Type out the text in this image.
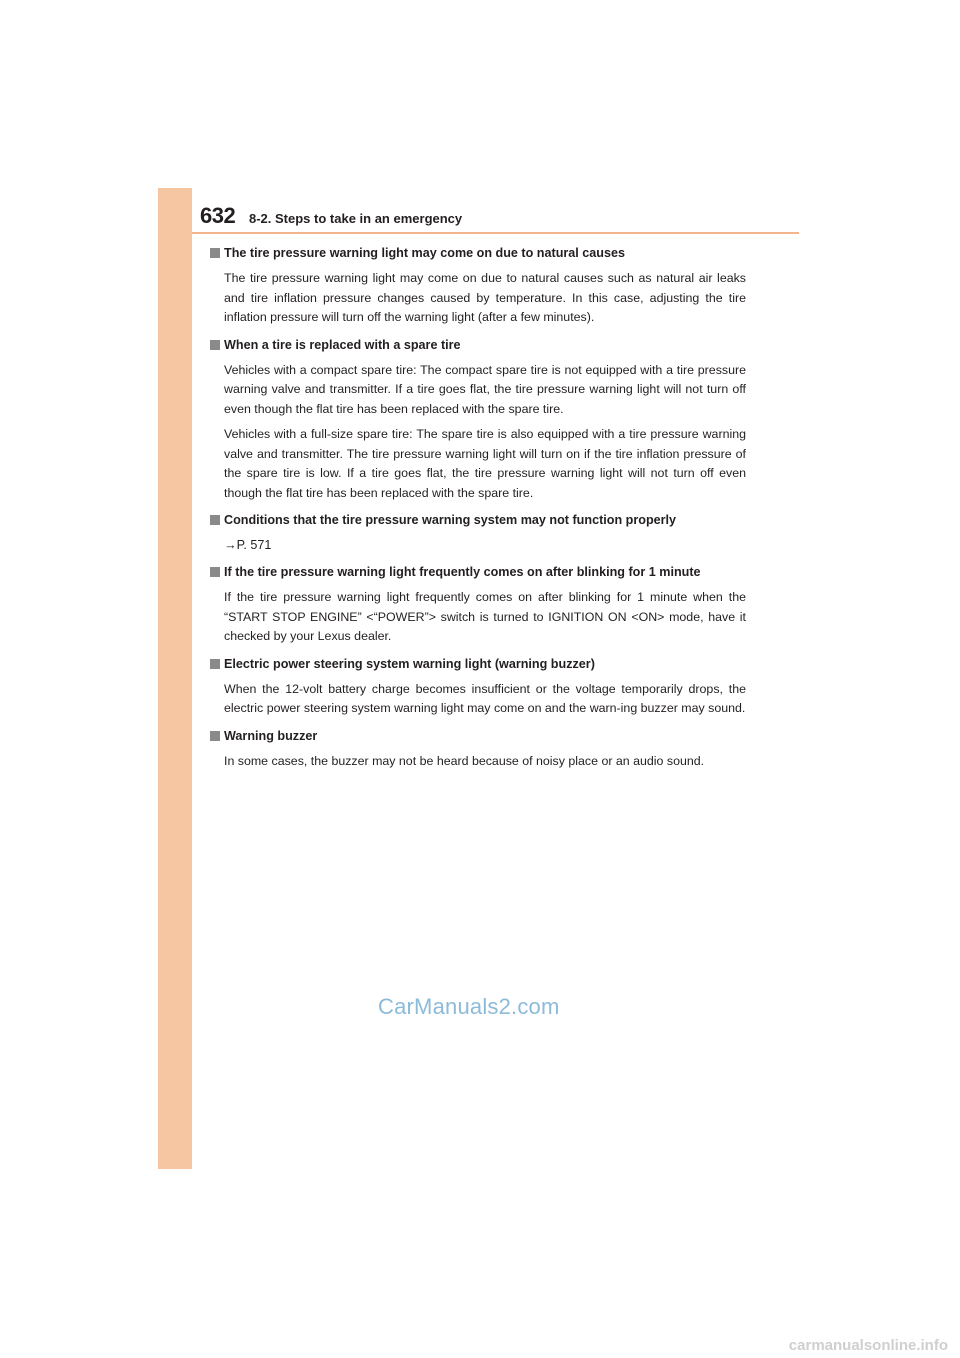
632 8-2. Steps to take in an emergency
The tire pressure warning light may come on due to natural causes

The tire pressure warning light may come on due to natural causes such as natural air leaks and tire inflation pressure changes caused by temperature. In this case, adjusting the tire inflation pressure will turn off the warning light (after a few minutes).

When a tire is replaced with a spare tire

Vehicles with a compact spare tire: The compact spare tire is not equipped with a tire pressure warning valve and transmitter. If a tire goes flat, the tire pressure warning light will not turn off even though the flat tire has been replaced with the spare tire.

Vehicles with a full-size spare tire: The spare tire is also equipped with a tire pressure warning valve and transmitter. The tire pressure warning light will turn on if the tire inflation pressure of the spare tire is low. If a tire goes flat, the tire pressure warning light will not turn off even though the flat tire has been replaced with the spare tire.

Conditions that the tire pressure warning system may not function properly
→P. 571
If the tire pressure warning light frequently comes on after blinking for 1 minute

If the tire pressure warning light frequently comes on after blinking for 1 minute when the “START STOP ENGINE” <“POWER”> switch is turned to IGNITION ON <ON> mode, have it checked by your Lexus dealer.

Electric power steering system warning light (warning buzzer)

When the 12-volt battery charge becomes insufficient or the voltage temporarily drops, the electric power steering system warning light may come on and the warn-ing buzzer may sound.

Warning buzzer

In some cases, the buzzer may not be heard because of noisy place or an audio sound.

CarManuals2.com
carmanualsonline.info
